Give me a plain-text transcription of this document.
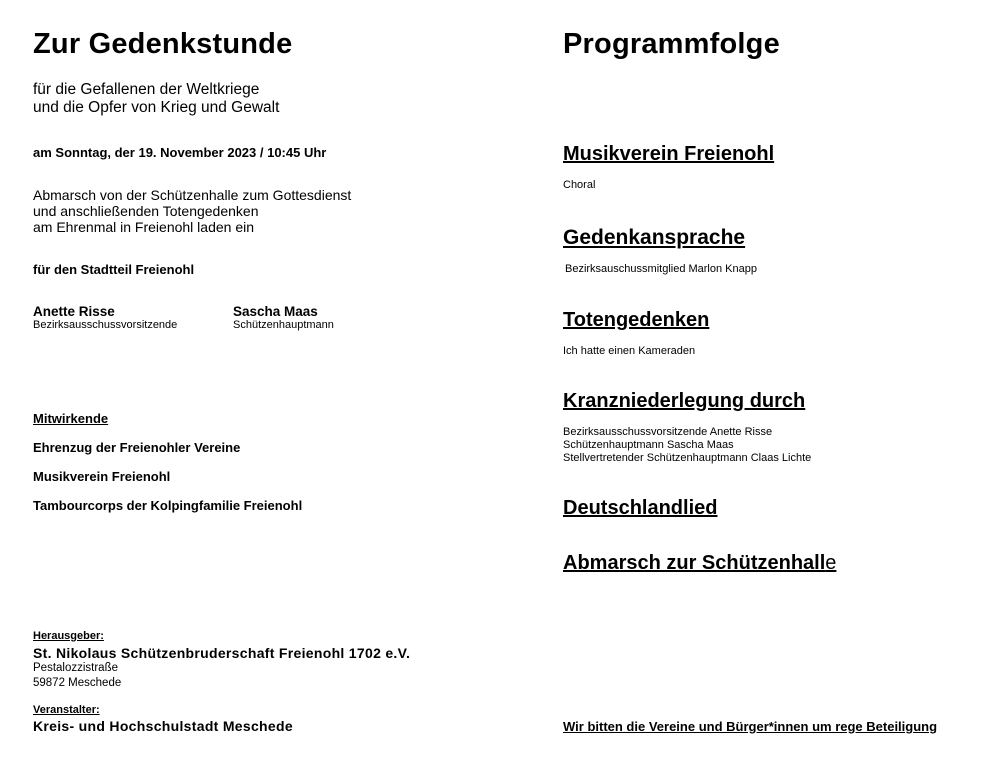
Zur Gedenkstunde
für die Gefallenen der Weltkriege
und die Opfer von Krieg und Gewalt
am Sonntag, der 19. November 2023 / 10:45 Uhr
Abmarsch von der Schützenhalle zum Gottesdienst
und anschließenden Totengedenken
am Ehrenmal in Freienohl laden ein
für den Stadtteil Freienohl
Anette Risse
Bezirksausschussvorsitzende
Sascha Maas
Schützenhauptmann
Mitwirkende
Ehrenzug der Freienohler Vereine
Musikverein Freienohl
Tambourcorps der Kolpingfamilie Freienohl
Herausgeber:
St. Nikolaus Schützenbruderschaft Freienohl 1702 e.V.
Pestalozzistraße
59872 Meschede
Veranstalter:
Kreis- und Hochschulstadt Meschede
Programmfolge
Musikverein Freienohl
Choral
Gedenkansprache
Bezirksauschussmitglied Marlon Knapp
Totengedenken
Ich hatte einen Kameraden
Kranzniederlegung durch
Bezirksausschussvorsitzende Anette Risse
Schützenhauptmann Sascha Maas
Stellvertretender Schützenhauptmann Claas Lichte
Deutschlandlied
Abmarsch zur Schützenhalle
Wir bitten die Vereine und Bürger*innen um rege Beteiligung
